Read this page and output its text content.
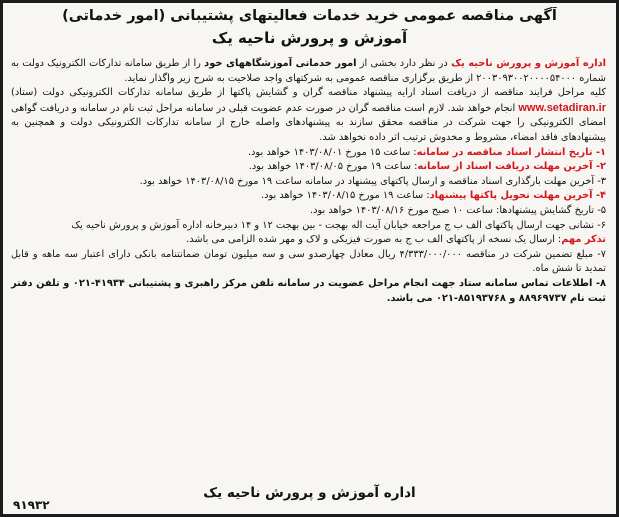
آگهی مناقصه عمومی خرید خدمات فعالیتهای پشتیبانی (امور خدماتی)
آموزش و پرورش ناحیه یک

اداره آموزش و پرورش ناحیه یک در نظر دارد بخشی از امور خدماتی آموزشگاههای خود را از طریق سامانه تدارکات الکترونیک دولت به شماره ۲۰۰۳۰۹۳۰۰۲۰۰۰۰۵۴۰۰۰ از طریق برگزاری مناقصه عمومی به شرکتهای واجد صلاحیت به شرح زیر واگذار نماید.

کلیه مراحل فرایند مناقصه از دریافت اسناد ارایه پیشنهاد مناقصه گران و گشایش پاکتها از طریق سامانه تدارکات الکترونیکی دولت (ستاد) www.setadiran.ir انجام خواهد شد. لازم است مناقصه گران در صورت عدم عضویت قبلی در سامانه مراحل ثبت نام در سامانه و دریافت گواهی امضای الکترونیکی را جهت شرکت در مناقصه محقق سازند به پیشنهادهای واصله خارج از سامانه تدارکات الکترونیکی دولت و همچنین به پیشنهادهای فاقد امضاء، مشروط و مخدوش ترتیب اثر داده نخواهد شد.

۱- تاریخ انتشار اسناد مناقصه در سامانه: ساعت ۱۵ مورخ ۱۴۰۳/۰۸/۰۱ خواهد بود.

۲- آخرین مهلت دریافت اسناد از سامانه: ساعت ۱۹ مورخ ۱۴۰۳/۰۸/۰۵ خواهد بود.

۳- آخرین مهلت بارگذاری اسناد مناقصه و ارسال پاکتهای پیشنهاد در سامانه ساعت ۱۹ مورخ ۱۴۰۳/۰۸/۱۵ خواهد بود.

۴- آخرین مهلت تحویل پاکتها پیشنهاد: ساعت ۱۹ مورخ ۱۴۰۳/۰۸/۱۵ خواهد بود.

۵- تاریخ گشایش پیشنهادها: ساعت ۱۰ صبح مورخ ۱۴۰۳/۰۸/۱۶ خواهد بود.

۶- نشانی جهت ارسال پاکتهای الف ب ج مراجعه خیابان آیت اله بهجت - بین بهجت ۱۲ و ۱۴ دبیرخانه اداره آموزش و پرورش ناحیه یک

تذکر مهم: ارسال یک نسخه از پاکتهای الف ب ج به صورت فیزیکی و لاک و مهر شده الزامی می باشد.

۷- مبلغ تضمین شرکت در مناقصه ۴/۳۳۳/۰۰۰/۰۰۰ ریال معادل چهارصدو سی و سه میلیون تومان ضمانتنامه بانکی دارای اعتبار سه ماهه و قابل تمدید تا شش ماه.

۸- اطلاعات تماس سامانه ستاد جهت انجام مراحل عضویت در سامانه تلفن مرکز راهبری و پشتیبانی ۴۱۹۳۴-۰۲۱ و تلفن دفتر ثبت نام ۸۸۹۶۹۷۳۷ و ۸۵۱۹۳۷۶۸-۰۲۱ می باشد.

اداره آموزش و پرورش ناحیه یک
۹۱۹۳۲
